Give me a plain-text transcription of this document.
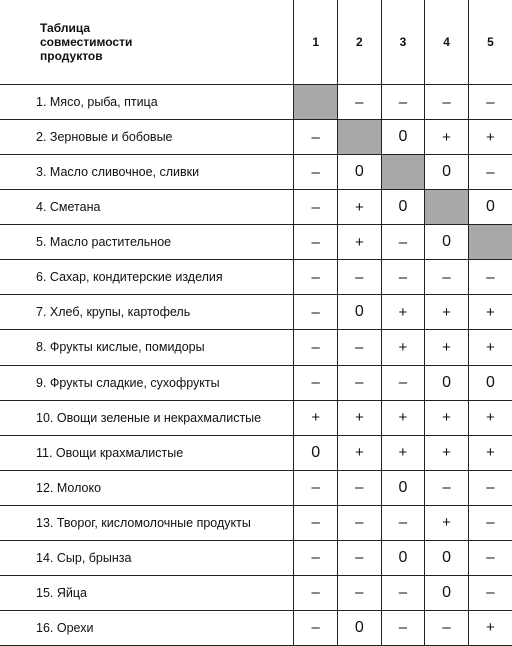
Таблица
совместимости
продуктов	1	2	3	4	5
1. Мясо, рыба, птица		–	–	–	–
2. Зерновые и бобовые	–		0	+	+
3. Масло сливочное, сливки	–	0		0	–
4. Сметана	–	+	0		0
5. Масло растительное	–	+	–	0	
6. Сахар, кондитерские изделия	–	–	–	–	–
7. Хлеб, крупы, картофель	–	0	+	+	+
8. Фрукты кислые, помидоры	–	–	+	+	+
9. Фрукты сладкие, сухофрукты	–	–	–	0	0
10. Овощи зеленые и некрахмалистые	+	+	+	+	+
11. Овощи крахмалистые	0	+	+	+	+
12. Молоко	–	–	0	–	–
13. Творог, кисломолочные продукты	–	–	–	+	–
14. Сыр, брынза	–	–	0	0	–
15. Яйца	–	–	–	0	–
16. Орехи	–	0	–	–	+
